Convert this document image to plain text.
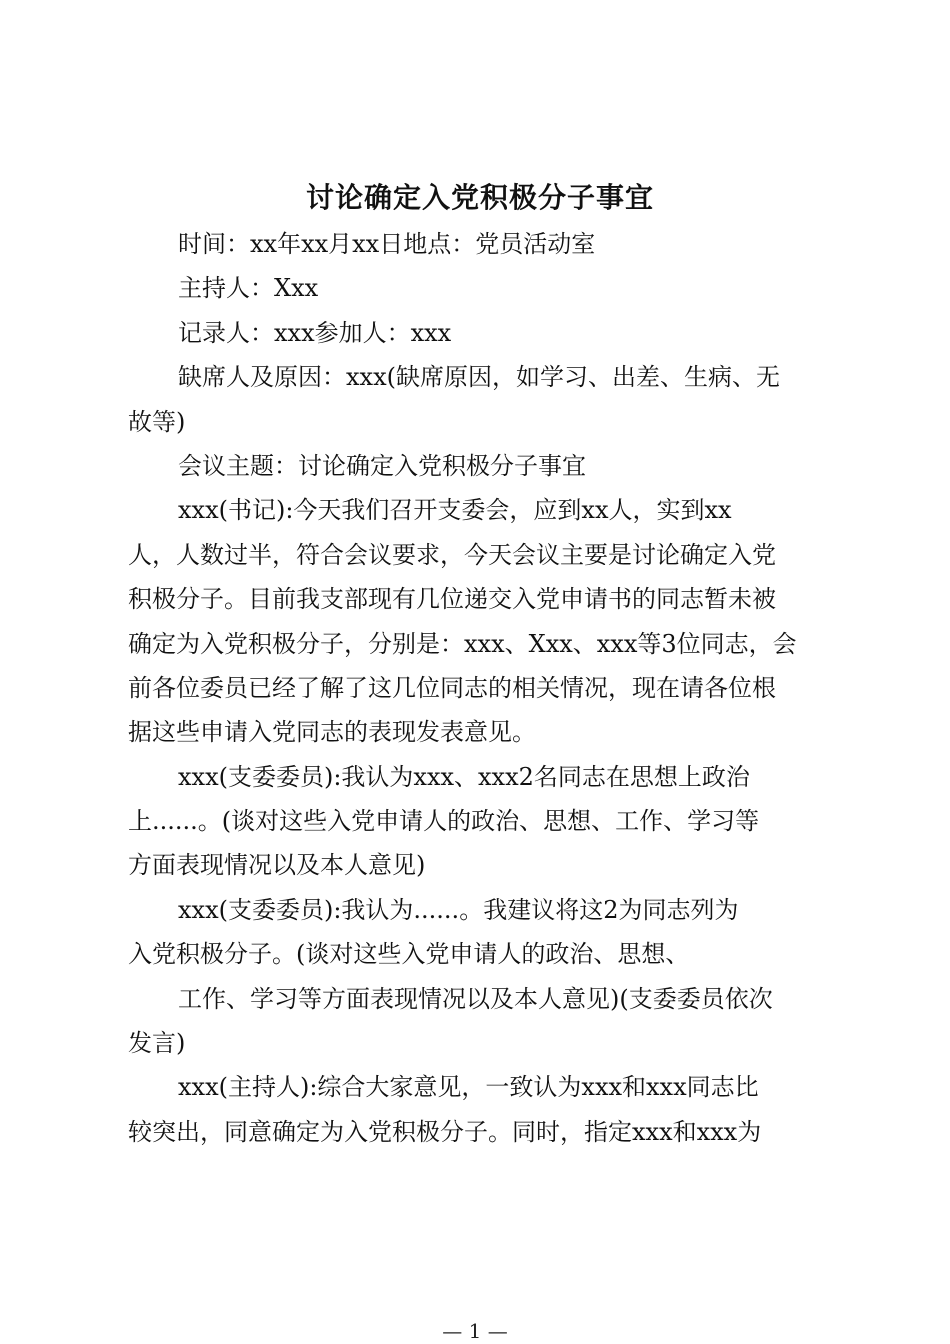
讨论确定入党积极分子事宜
时间：xx年xx月xx日地点：党员活动室
主持人：Xxx
记录人：xxx参加人：xxx
缺席人及原因：xxx(缺席原因，如学习、出差、生病、无
故等)
会议主题：讨论确定入党积极分子事宜
xxx(书记):今天我们召开支委会，应到xx人，实到xx
人，人数过半，符合会议要求，今天会议主要是讨论确定入党
积极分子。目前我支部现有几位递交入党申请书的同志暂未被
确定为入党积极分子，分别是：xxx、Xxx、xxx等3位同志，会
前各位委员已经了解了这几位同志的相关情况，现在请各位根
据这些申请入党同志的表现发表意见。
xxx(支委委员):我认为xxx、xxx2名同志在思想上政治
上......。(谈对这些入党申请人的政治、思想、工作、学习等
方面表现情况以及本人意见)
xxx(支委委员):我认为......。我建议将这2为同志列为
入党积极分子。(谈对这些入党申请人的政治、思想、
工作、学习等方面表现情况以及本人意见)(支委委员依次
发言)
xxx(主持人):综合大家意见，一致认为xxx和xxx同志比
较突出，同意确定为入党积极分子。同时，指定xxx和xxx为
— 1 —
